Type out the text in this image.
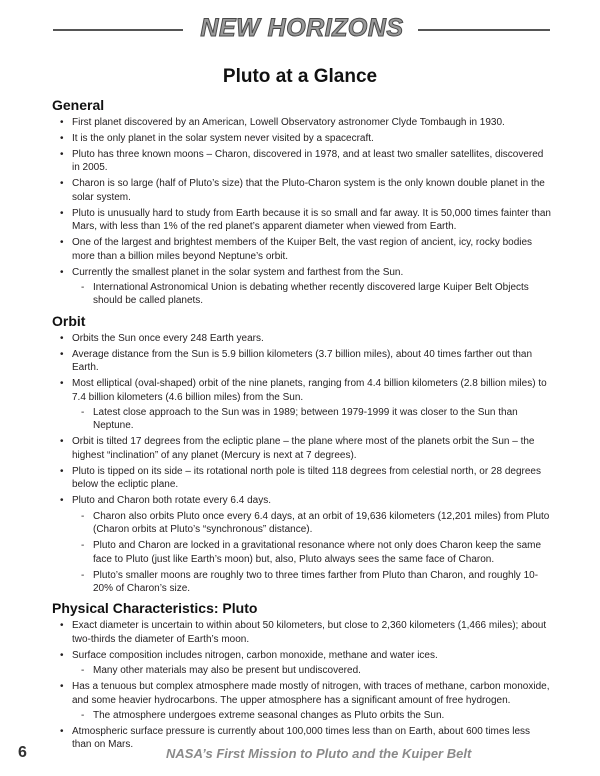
NEW HORIZONS
Pluto at a Glance
General
• First planet discovered by an American, Lowell Observatory astronomer Clyde Tombaugh in 1930.
• It is the only planet in the solar system never visited by a spacecraft.
• Pluto has three known moons – Charon, discovered in 1978, and at least two smaller satellites, discovered in 2005.
• Charon is so large (half of Pluto’s size) that the Pluto-Charon system is the only known double planet in the solar system.
• Pluto is unusually hard to study from Earth because it is so small and far away. It is 50,000 times fainter than Mars, with less than 1% of the red planet’s apparent diameter when viewed from Earth.
• One of the largest and brightest members of the Kuiper Belt, the vast region of ancient, icy, rocky bodies more than a billion miles beyond Neptune’s orbit.
• Currently the smallest planet in the solar system and farthest from the Sun.
- International Astronomical Union is debating whether recently discovered large Kuiper Belt Objects should be called planets.
Orbit
• Orbits the Sun once every 248 Earth years.
• Average distance from the Sun is 5.9 billion kilometers (3.7 billion miles), about 40 times farther out than Earth.
• Most elliptical (oval-shaped) orbit of the nine planets, ranging from 4.4 billion kilometers (2.8 billion miles) to 7.4 billion kilometers (4.6 billion miles) from the Sun.
- Latest close approach to the Sun was in 1989; between 1979-1999 it was closer to the Sun than Neptune.
• Orbit is tilted 17 degrees from the ecliptic plane – the plane where most of the planets orbit the Sun – the highest “inclination” of any planet (Mercury is next at 7 degrees).
• Pluto is tipped on its side – its rotational north pole is tilted 118 degrees from celestial north, or 28 degrees below the ecliptic plane.
• Pluto and Charon both rotate every 6.4 days.
- Charon also orbits Pluto once every 6.4 days, at an orbit of 19,636 kilometers (12,201 miles) from Pluto (Charon orbits at Pluto’s “synchronous” distance).
- Pluto and Charon are locked in a gravitational resonance where not only does Charon keep the same face to Pluto (just like Earth’s moon) but, also, Pluto always sees the same face of Charon.
- Pluto’s smaller moons are roughly two to three times farther from Pluto than Charon, and roughly 10-20% of Charon’s size.
Physical Characteristics: Pluto
• Exact diameter is uncertain to within about 50 kilometers, but close to 2,360 kilometers (1,466 miles); about two-thirds the diameter of Earth’s moon.
• Surface composition includes nitrogen, carbon monoxide, methane and water ices.
- Many other materials may also be present but undiscovered.
• Has a tenuous but complex atmosphere made mostly of nitrogen, with traces of methane, carbon monoxide, and some heavier hydrocarbons. The upper atmosphere has a significant amount of free hydrogen.
- The atmosphere undergoes extreme seasonal changes as Pluto orbits the Sun.
• Atmospheric surface pressure is currently about 100,000 times less than on Earth, about 600 times less than on Mars.
6	NASA’s First Mission to Pluto and the Kuiper Belt
